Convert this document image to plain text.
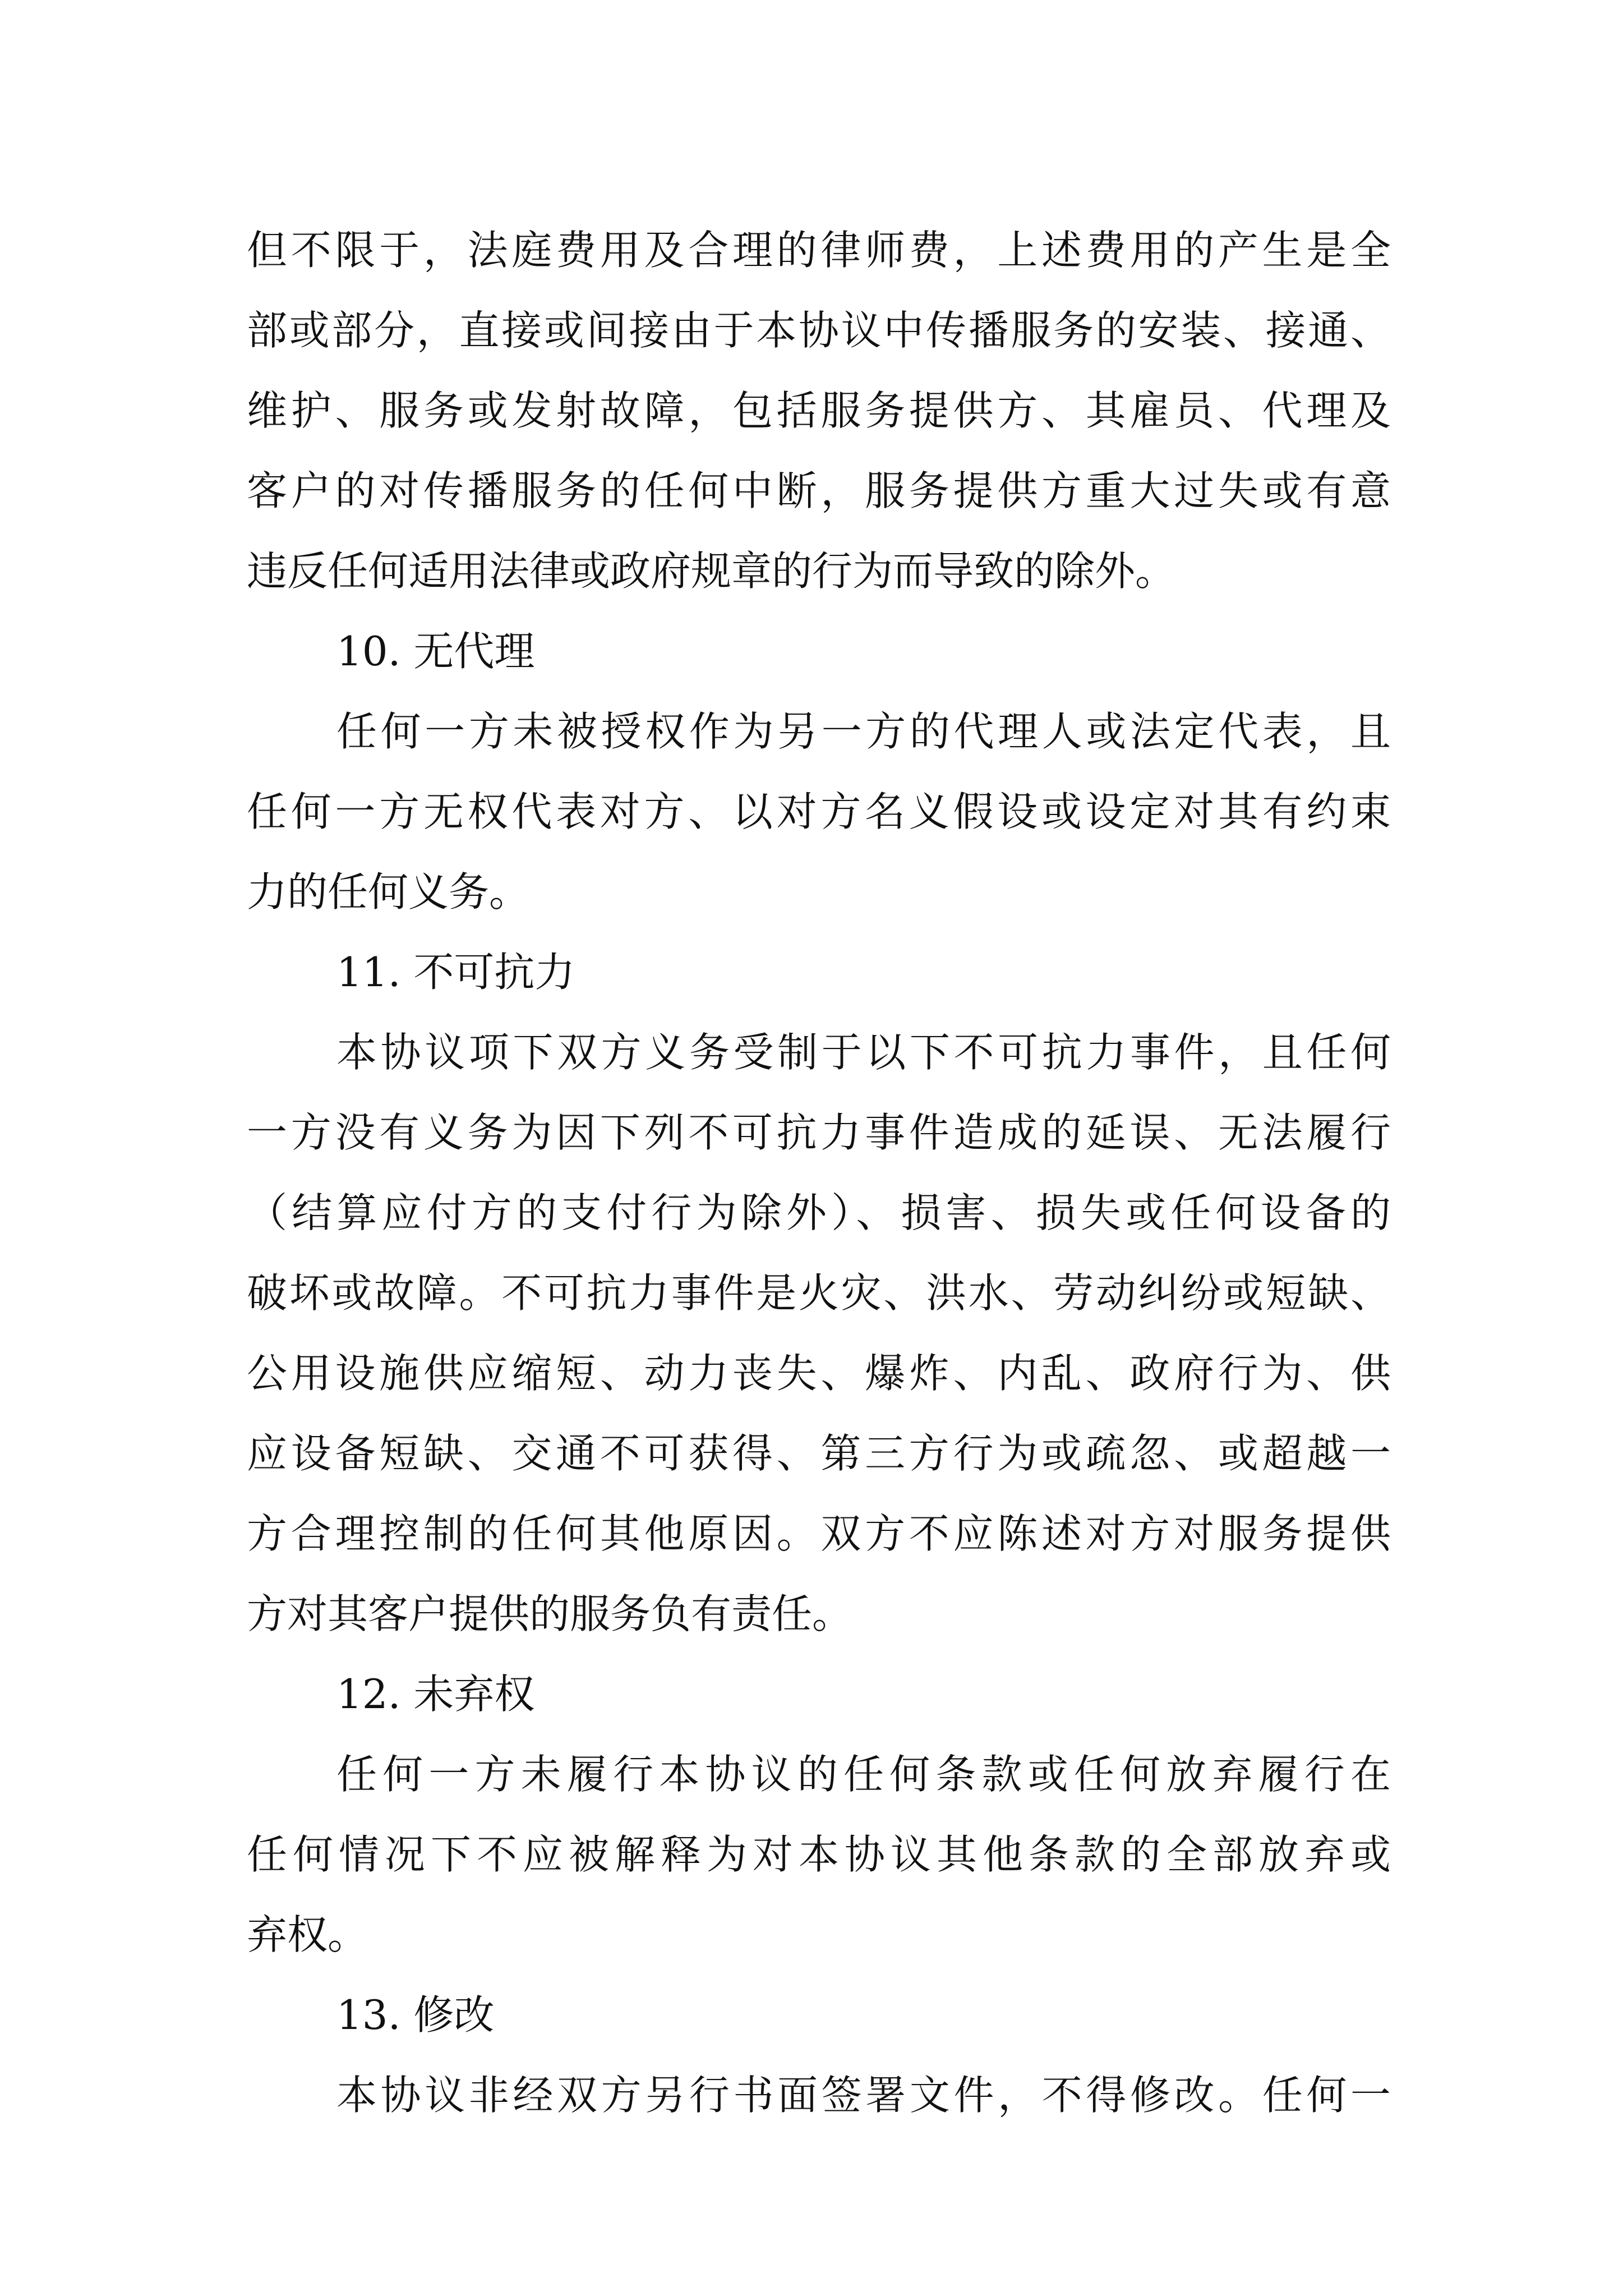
但不限于，法庭费用及合理的律师费，上述费用的产生是全
部或部分，直接或间接由于本协议中传播服务的安装、接通、
维护、服务或发射故障，包括服务提供方、其雇员、代理及
客户的对传播服务的任何中断，服务提供方重大过失或有意
违反任何适用法律或政府规章的行为而导致的除外。
10. 无代理
任何一方未被授权作为另一方的代理人或法定代表，且
任何一方无权代表对方、以对方名义假设或设定对其有约束
力的任何义务。
11. 不可抗力
本协议项下双方义务受制于以下不可抗力事件，且任何
一方没有义务为因下列不可抗力事件造成的延误、无法履行
（结算应付方的支付行为除外）、损害、损失或任何设备的
破坏或故障。不可抗力事件是火灾、洪水、劳动纠纷或短缺、
公用设施供应缩短、动力丧失、爆炸、内乱、政府行为、供
应设备短缺、交通不可获得、第三方行为或疏忽、或超越一
方合理控制的任何其他原因。双方不应陈述对方对服务提供
方对其客户提供的服务负有责任。
12. 未弃权
任何一方未履行本协议的任何条款或任何放弃履行在
任何情况下不应被解释为对本协议其他条款的全部放弃或
弃权。
13. 修改
本协议非经双方另行书面签署文件，不得修改。任何一
